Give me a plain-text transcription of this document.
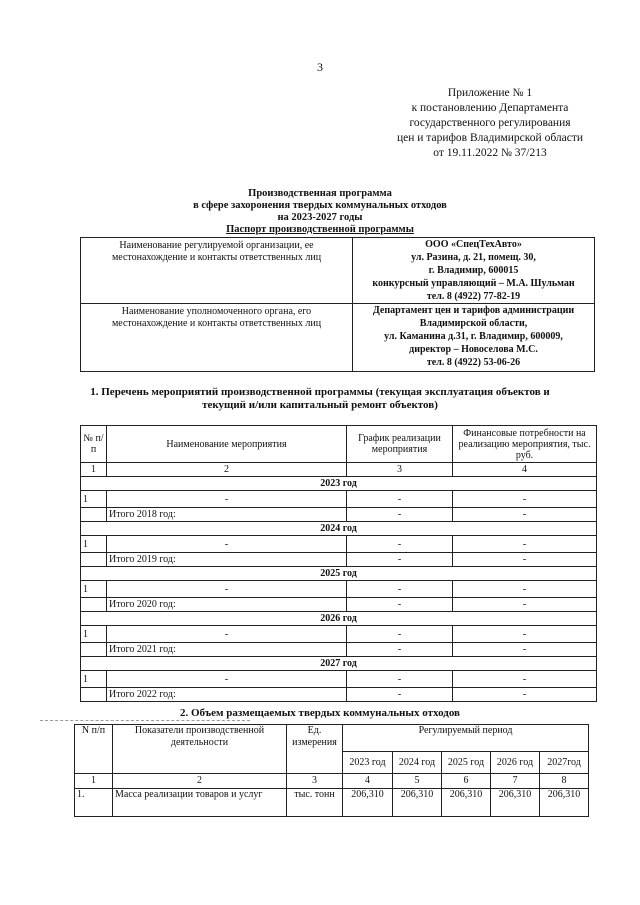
3
Приложение № 1
к постановлению Департамента
государственного регулирования
цен и тарифов Владимирской области
от 19.11.2022 № 37/213
Производственная программа
в сфере захоронения твердых коммунальных отходов
на 2023-2027 годы
Паспорт производственной программы
Наименование регулируемой организации, ее местонахождение и контакты ответственных лиц	ООО «СпецТехАвто»
ул. Разина, д. 21, помещ. 30,
г. Владимир, 600015
конкурсный управляющий – М.А. Шульман
тел. 8 (4922) 77-82-19

Наименование уполномоченного органа, его местонахождение и контакты ответственных лиц	Департамент цен и тарифов администрации
Владимирской области,
ул. Каманина д.31, г. Владимир, 600009,
директор – Новоселова М.С.
тел. 8 (4922) 53-06-26
1. Перечень мероприятий производственной программы (текущая эксплуатация объектов и
текущий и/или капитальный ремонт объектов)
№ п/п	Наименование мероприятия	График реализации мероприятия	Финансовые потребности на реализацию мероприятия, тыс. руб.
1	2	3	4
2023 год			
1	-	-	-
	Итого 2018 год:	-	-
2024 год			
1	-	-	-
	Итого 2019 год:	-	-
2025 год			
1	-	-	-
	Итого 2020 год:	-	-
2026 год			
1	-	-	-
	Итого 2021 год:	-	-
2027 год			
1	-	-	-
	Итого 2022 год:	-	-
2. Объем размещаемых твердых коммунальных отходов
N п/п	Показатели производственной деятельности	Ед. измерения	Регулируемый период				
			2023 год	2024 год	2025 год	2026 год	2027год
1	2	3	4	5	6	7	8
1.	Масса реализации товаров и услуг	тыс. тонн	206,310	206,310	206,310	206,310	206,310
